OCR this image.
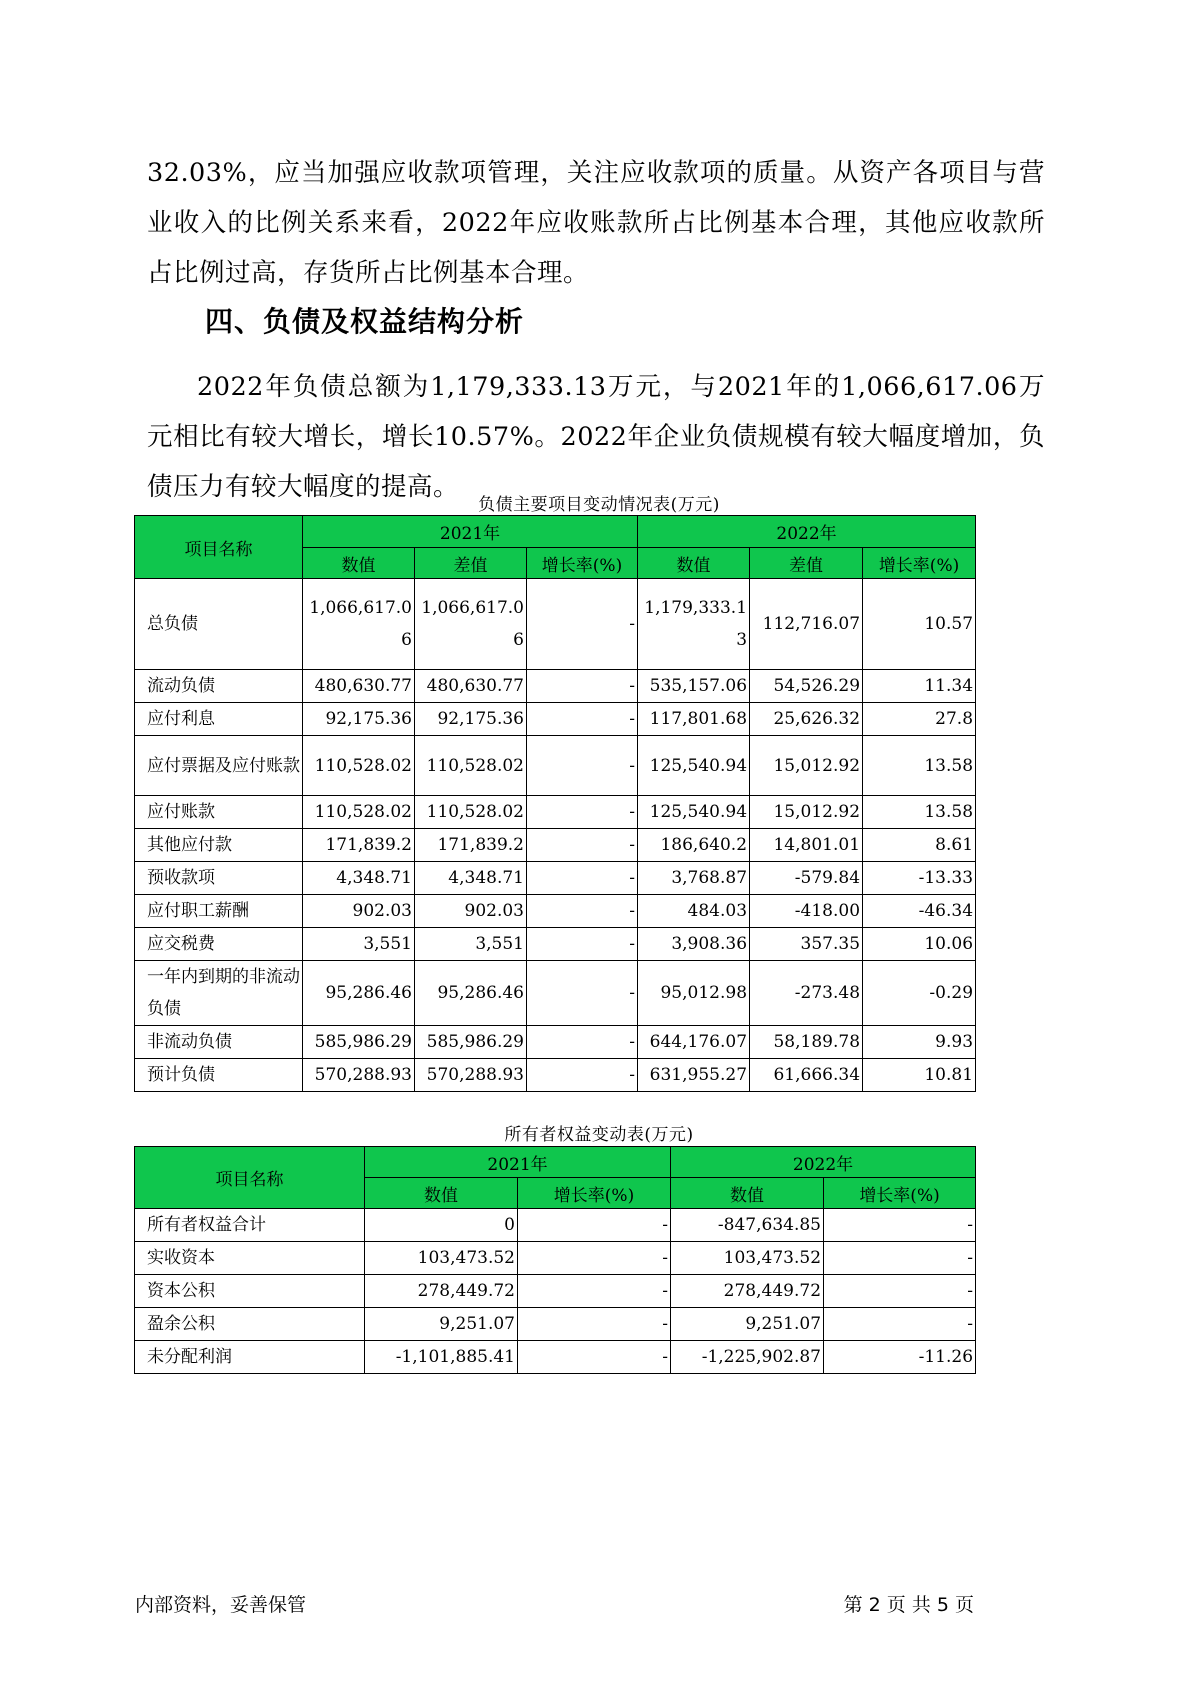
32.03%，应当加强应收款项管理，关注应收款项的质量。从资产各项目与营业收入的比例关系来看，2022年应收账款所占比例基本合理，其他应收款所占比例过高，存货所占比例基本合理。
四、负债及权益结构分析
2022年负债总额为1,179,333.13万元，与2021年的1,066,617.06万元相比有较大增长，增长10.57%。2022年企业负债规模有较大幅度增加，负债压力有较大幅度的提高。
负债主要项目变动情况表(万元)
项目名称	2021年			2022年		
	数值	差值	增长率(%)	数值	差值	增长率(%)
总负债	1,066,617.06	1,066,617.06	-	1,179,333.13	112,716.07	10.57
流动负债	480,630.77	480,630.77	-	535,157.06	54,526.29	11.34
应付利息	92,175.36	92,175.36	-	117,801.68	25,626.32	27.8
应付票据及应付账款	110,528.02	110,528.02	-	125,540.94	15,012.92	13.58
应付账款	110,528.02	110,528.02	-	125,540.94	15,012.92	13.58
其他应付款	171,839.2	171,839.2	-	186,640.2	14,801.01	8.61
预收款项	4,348.71	4,348.71	-	3,768.87	-579.84	-13.33
应付职工薪酬	902.03	902.03	-	484.03	-418.00	-46.34
应交税费	3,551	3,551	-	3,908.36	357.35	10.06
一年内到期的非流动负债	95,286.46	95,286.46	-	95,012.98	-273.48	-0.29
非流动负债	585,986.29	585,986.29	-	644,176.07	58,189.78	9.93
预计负债	570,288.93	570,288.93	-	631,955.27	61,666.34	10.81
所有者权益变动表(万元)
项目名称	2021年		2022年	
	数值	增长率(%)	数值	增长率(%)
所有者权益合计	0	-	-847,634.85	-
实收资本	103,473.52	-	103,473.52	-
资本公积	278,449.72	-	278,449.72	-
盈余公积	9,251.07	-	9,251.07	-
未分配利润	-1,101,885.41	-	-1,225,902.87	-11.26
内部资料，妥善保管	第 2 页 共 5 页
